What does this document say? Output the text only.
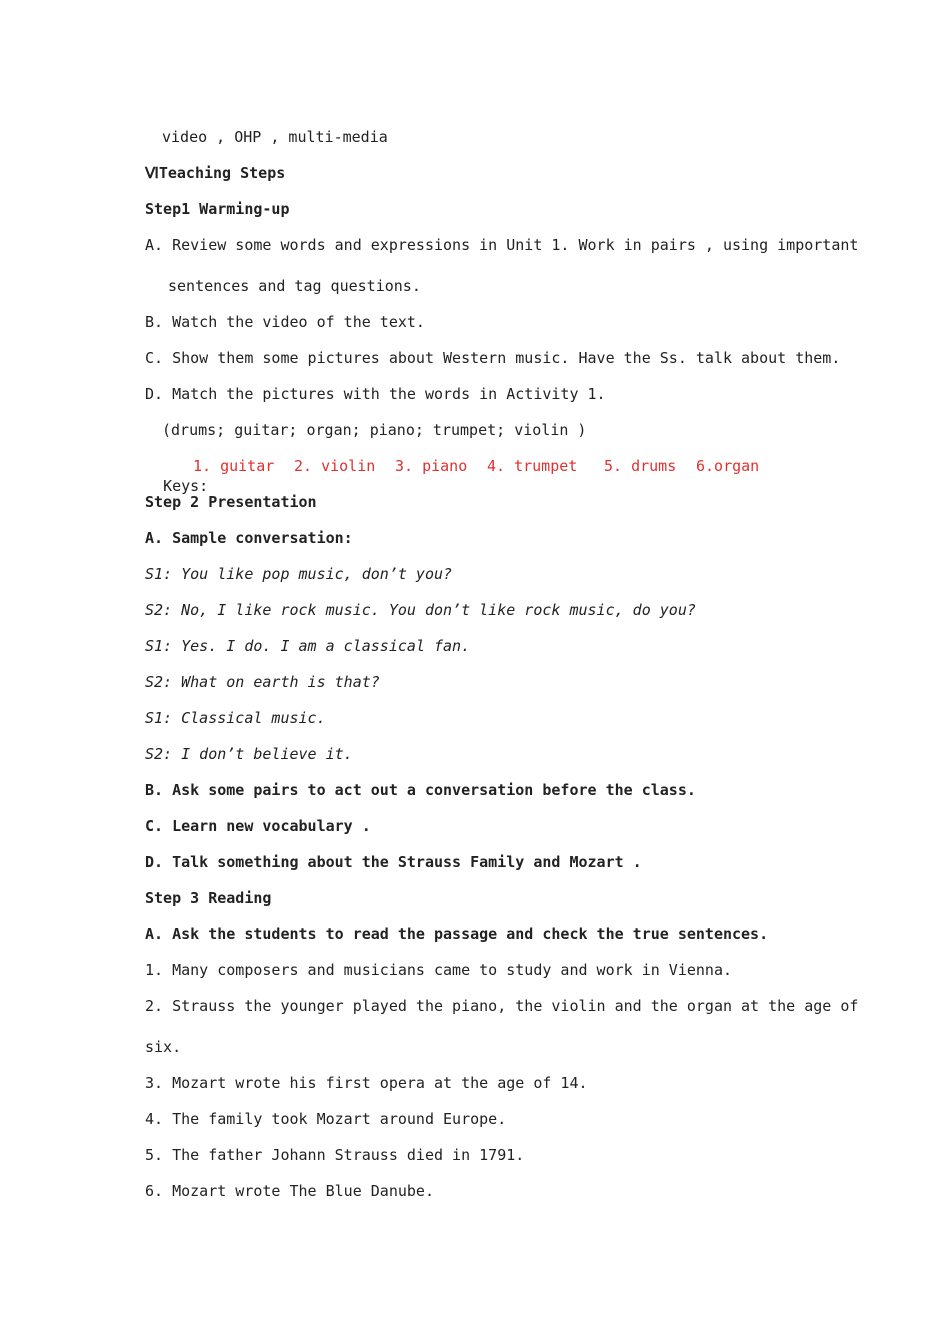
video , OHP , multi-media
ⅥTeaching Steps
Step1 Warming-up
A. Review some words and expressions in Unit 1. Work in pairs , using important
sentences and tag questions.
B. Watch the video of the text.
C. Show them some pictures about Western music. Have the Ss. talk about them.
D. Match the pictures with the words in Activity 1.
(drums; guitar; organ; piano; trumpet; violin )

Keys:

1. guitar 2. violin 3. piano 4. trumpet 5. drums 6.organ
Step 2 Presentation
A. Sample conversation:
S1: You like pop music, don’t you?
S2: No, I like rock music. You don’t like rock music, do you?
S1: Yes. I do. I am a classical fan.
S2: What on earth is that?
S1: Classical music.
S2: I don’t believe it.
B. Ask some pairs to act out a conversation before the class.
C. Learn new vocabulary .
D. Talk something about the Strauss Family and Mozart .
Step 3 Reading
A. Ask the students to read the passage and check the true sentences.
1. Many composers and musicians came to study and work in Vienna.
2. Strauss the younger played the piano, the violin and the organ at the age of
six.
3. Mozart wrote his first opera at the age of 14.
4. The family took Mozart around Europe.
5. The father Johann Strauss died in 1791.
6. Mozart wrote The Blue Danube.
